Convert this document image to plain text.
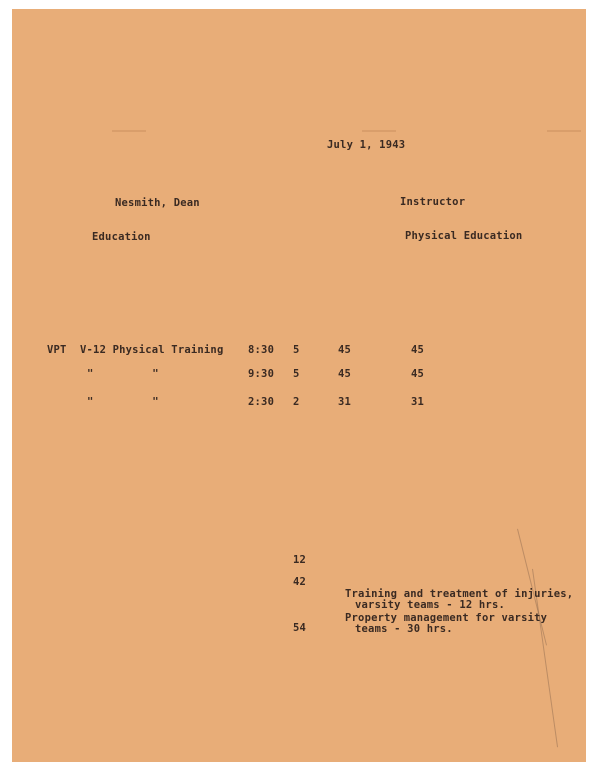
July 1, 1943
Nesmith, Dean	Instructor
Education	Physical Education
VPT V-12 Physical Training 8:30 5	45	45
"         "	9:30 5	45	45
"         "	2:30 2	31	31
12
42
54
Training and treatment of injuries,
varsity teams - 12 hrs.
Property management for varsity
teams - 30 hrs.
